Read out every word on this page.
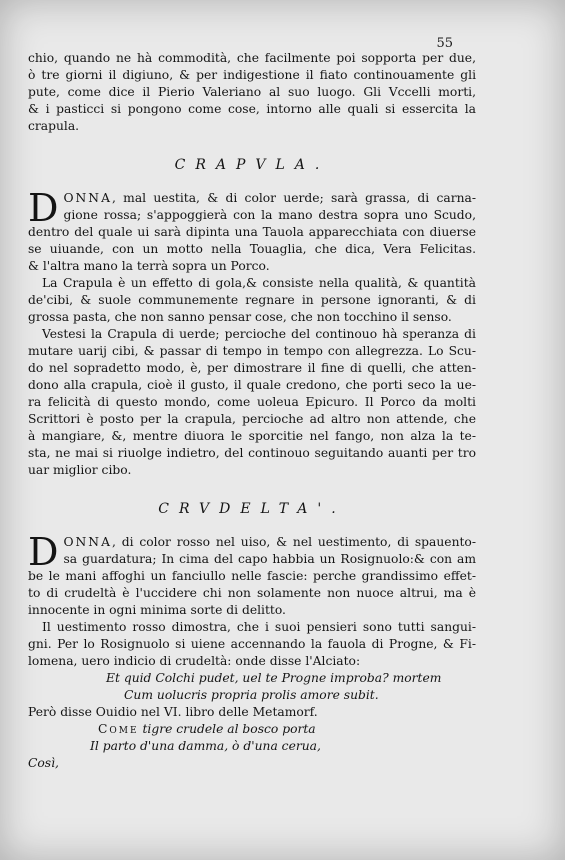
55

chio, quando ne hà commodità, che facilmente poi sopporta per due,

ò tre giorni il digiuno, & per indigestione il fiato continouamente gli

pute, come dice il Pierio Valeriano al suo luogo. Gli Vccelli morti,

& i pasticci si pongono come cose, intorno alle quali si essercita la

crapula.

CRAPVLA.
D ONNA, mal uestita, & di color uerde; sarà grassa, di carna-

gione rossa; s'appoggierà con la mano destra sopra uno Scudo,

dentro del quale ui sarà dipinta una Tauola apparecchiata con diuerse

se uiuande, con un motto nella Touaglia, che dica, Vera Felicitas.

& l'altra mano la terrà sopra un Porco.

La Crapula è un effetto di gola,& consiste nella qualità, & quantità

de'cibi, & suole communemente regnare in persone ignoranti, & di

grossa pasta, che non sanno pensar cose, che non tocchino il senso.

Vestesi la Crapula di uerde; percioche del continouo hà speranza di

mutare uarij cibi, & passar di tempo in tempo con allegrezza. Lo Scu-

do nel sopradetto modo, è, per dimostrare il fine di quelli, che atten-

dono alla crapula, cioè il gusto, il quale credono, che porti seco la ue-

ra felicità di questo mondo, come uoleua Epicuro. Il Porco da molti

Scrittori è posto per la crapula, percioche ad altro non attende, che

à mangiare, &, mentre diuora le sporcitie nel fango, non alza la te-

sta, ne mai si riuolge indietro, del continouo seguitando auanti per tro

uar miglior cibo.

CRVDELTA'.
D ONNA, di color rosso nel uiso, & nel uestimento, di spauento-

sa guardatura; In cima del capo habbia un Rosignuolo:& con am

be le mani affoghi un fanciullo nelle fascie: perche grandissimo effet-

to di crudeltà è l'uccidere chi non solamente non nuoce altrui, ma è

innocente in ogni minima sorte di delitto.

Il uestimento rosso dimostra, che i suoi pensieri sono tutti sangui-

gni. Per lo Rosignuolo si uiene accennando la fauola di Progne, & Fi-

lomena, uero indicio di crudeltà: onde disse l'Alciato:

Et quid Colchi pudet, uel te Progne improba? mortem

Cum uolucris propria prolis amore subit.

Però disse Ouidio nel VI. libro delle Metamorf.

Come tigre crudele al bosco porta

Il parto d'una damma, ò d'una cerua,

Così,
